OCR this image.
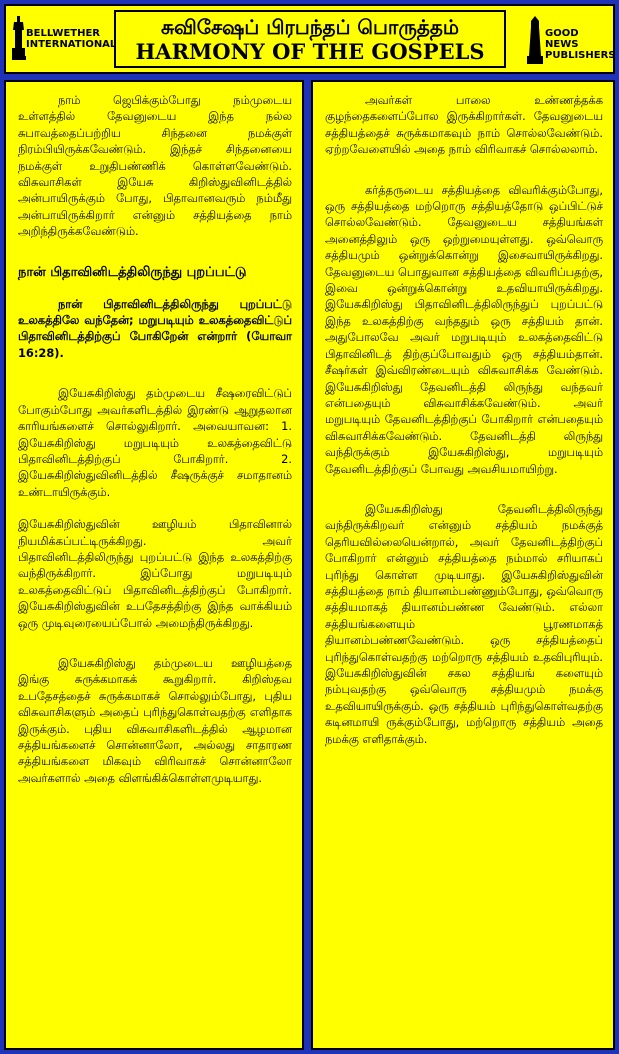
BELLWETHER INTERNATIONAL
சுவிசேஷப் பிரபந்தப் பொருத்தம்
HARMONY OF THE GOSPELS
GOOD NEWS PUBLISHERS

நாம் ஜெபிக்கும்போது நம்முடைய உள்ளத்தில் தேவனுடைய இந்த நல்ல சுபாவத்தைப்பற்றிய சிந்தனை நமக்குள் நிரம்பியிருக்கவேண்டும். இந்தச் சிந்தனையை நமக்குள் உறுதிபண்ணிக் கொள்ளவேண்டும். விசுவாசிகள் இயேசு கிறிஸ்துவினிடத்தில் அன்பாயிருக்கும் போது, பிதாவானவரும் நம்மீது அன்பாயிருக்கிறார் என்னும் சத்தியத்தை நாம் அறிந்திருக்கவேண்டும்.

நான் பிதாவினிடத்திலிருந்து புறப்பட்டு

நான் பிதாவினிடத்திலிருந்து புறப்பட்டு உலகத்திலே வந்தேன்; மறுபடியும் உலகத்தைவிட்டுப் பிதாவினிடத்திற்குப் போகிறேன் என்றார் (யோவா 16:28).

இயேசுகிறிஸ்து தம்முடைய சீஷரைவிட்டுப் போகும்போது அவர்களிடத்தில் இரண்டு ஆறுதலான காரியங்களைச் சொல்லுகிறார். அவையாவன: 1. இயேசுகிறிஸ்து மறுபடியும் உலகத்தைவிட்டு பிதாவினிடத்திற்குப் போகிறார். 2. இயேசுகிறிஸ்துவினிடத்தில் சீஷருக்குச் சமாதானம் உண்டாயிருக்கும்.

இயேசுகிறிஸ்துவின் ஊழியம் பிதாவினால் நியமிக்கப்பட்டிருக்கிறது. அவர் பிதாவினிடத்திலிருந்து புறப்பட்டு இந்த உலகத்திற்கு வந்திருக்கிறார். இப்போது மறுபடியும் உலகத்தைவிட்டுப் பிதாவினிடத்திற்குப் போகிறார். இயேசுகிறிஸ்துவின் உபதேசத்திற்கு இந்த வாக்கியம் ஒரு முடிவுரையைப்போல் அமைந்திருக்கிறது.

இயேசுகிறிஸ்து தம்முடைய ஊழியத்தை இங்கு சுருக்கமாகக் கூறுகிறார். கிறிஸ்தவ உபதேசத்தைச் சுருக்கமாகச் சொல்லும்போது, புதிய விசுவாசிகளும் அதைப் புரிந்துகொள்வதற்கு எளிதாக இருக்கும். புதிய விசுவாசிகளிடத்தில் ஆழமான சத்தியங்களைச் சொன்னாலோ, அல்லது சாதாரண சத்தியங்களை மிகவும் விரிவாகச் சொன்னாலோ அவர்களால் அதை விளங்கிக்கொள்ளமுடியாது.

அவர்கள் பாலை உண்ணத்தக்க குழந்தைகளைப்போல இருக்கிறார்கள். தேவனுடைய சத்தியத்தைச் சுருக்கமாகவும் நாம் சொல்லவேண்டும். ஏற்றவேளையில் அதை நாம் விரிவாகச் சொல்லலாம்.

கர்த்தருடைய சத்தியத்தை விவரிக்கும்போது, ஒரு சத்தியத்தை மற்றொரு சத்தியத்தோடு ஒப்பிட்டுச் சொல்லவேண்டும். தேவனுடைய சத்தியங்கள் அனைத்திலும் ஒரு ஒற்றுமையுள்ளது. ஒவ்வொரு சத்தியமும் ஒன்றுக்கொன்று இசைவாயிருக்கிறது. தேவனுடைய பொதுவான சத்தியத்தை விவரிப்பதற்கு, இவை ஒன்றுக்கொன்று உதவியாயிருக்கிறது. இயேசுகிறிஸ்து பிதாவினிடத்திலிருந்துப் புறப்பட்டு இந்த உலகத்திற்கு வந்ததும் ஒரு சத்தியம் தான். அதுபோலவே அவர் மறுபடியும் உலகத்தைவிட்டு பிதாவினிடத் திற்குப்போவதும் ஒரு சத்தியம்தான். சீஷர்கள் இவ்விரண்டையும் விசுவாசிக்க வேண்டும். இயேசுகிறிஸ்து தேவனிடத்தி லிருந்து வந்தவர் என்பதையும் விசுவாசிக்கவேண்டும். அவர் மறுபடியும் தேவனிடத்திற்குப் போகிறார் என்பதையும் விசுவாசிக்கவேண்டும். தேவனிடத்தி லிருந்து வந்திருக்கும் இயேசுகிறிஸ்து, மறுபடியும் தேவனிடத்திற்குப் போவது அவசியமாயிற்று.

இயேசுகிறிஸ்து தேவனிடத்திலிருந்து வந்திருக்கிறவர் என்னும் சத்தியம் நமக்குத் தெரியவில்லையென்றால், அவர் தேவனிடத்திற்குப் போகிறார் என்னும் சத்தியத்தை நம்மால் சரியாகப் புரிந்து கொள்ள முடியாது. இயேசுகிறிஸ்துவின் சத்தியத்தை நாம் தியானம்பண்ணும்போது, ஒவ்வொரு சத்தியமாகத் தியானம்பண்ண வேண்டும். எல்லா சத்தியங்களையும் பூரணமாகத் தியானம்பண்ணவேண்டும். ஒரு சத்தியத்தைப் புரிந்துகொள்வதற்கு மற்றொரு சத்தியம் உதவிபுரியும். இயேசுகிறிஸ்துவின் சகல சத்தியங் களையும் நம்புவதற்கு ஒவ்வொரு சத்தியமும் நமக்கு உதவியாயிருக்கும். ஒரு சத்தியம் புரிந்துகொள்வதற்கு கடினமாயி ருக்கும்போது, மற்றொரு சத்தியம் அதை நமக்கு எளிதாக்கும்.
